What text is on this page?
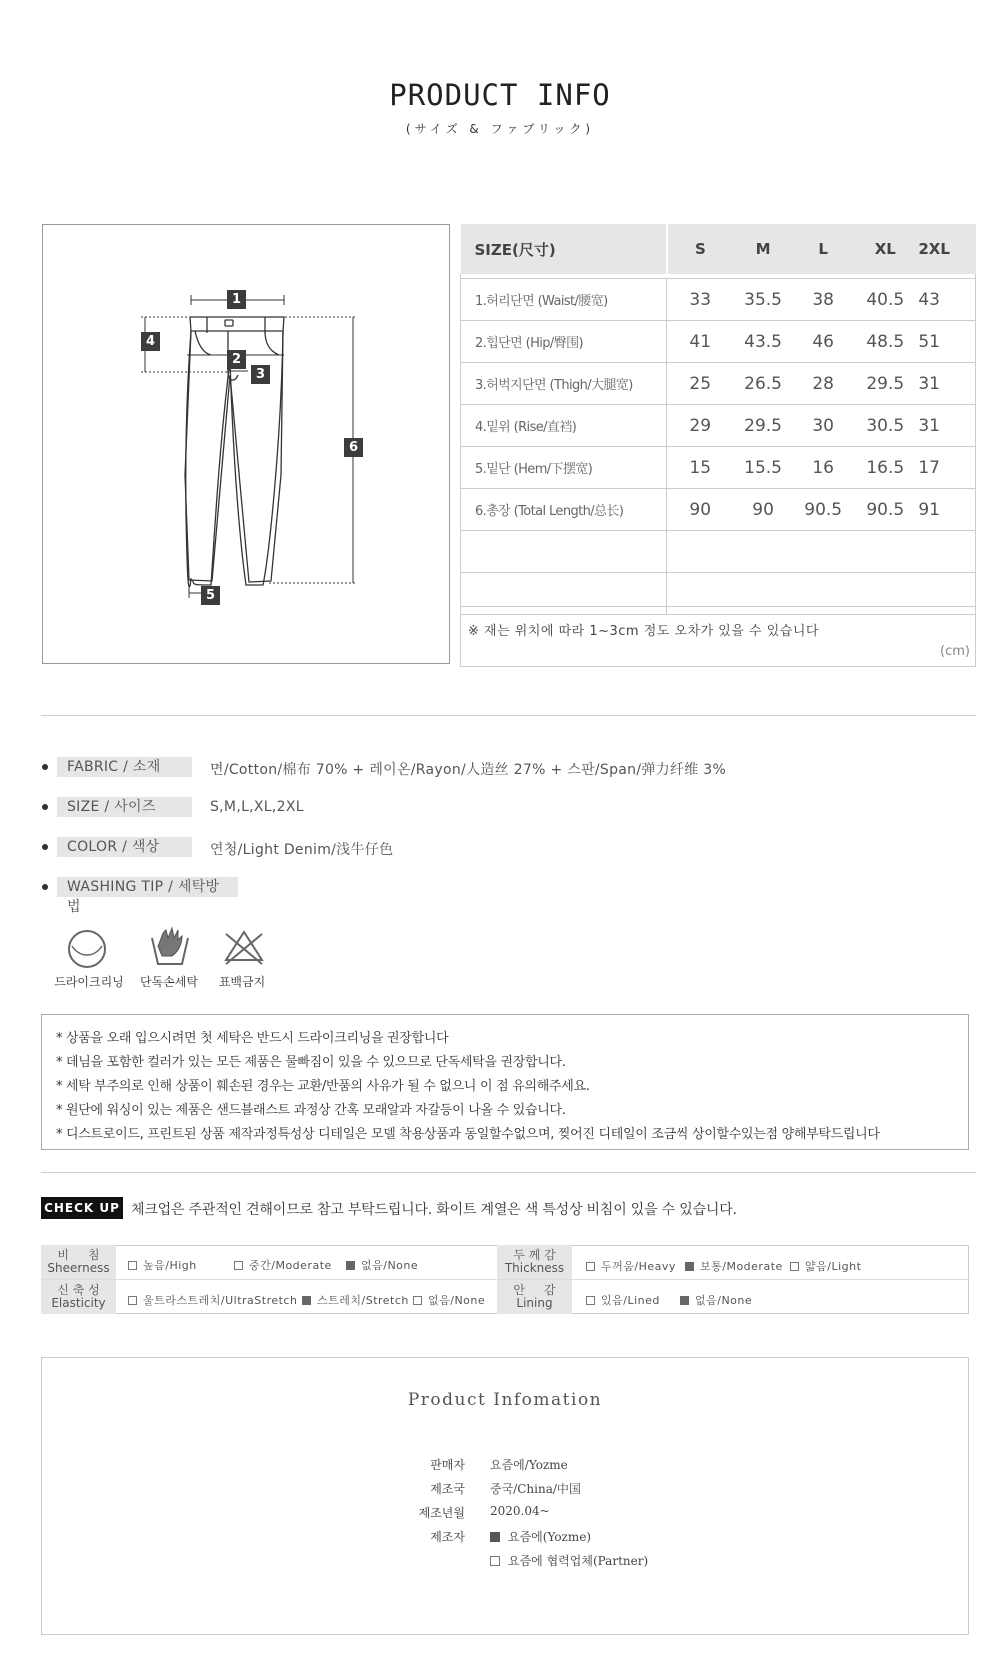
PRODUCT INFO
(サイズ & ファブリック)
1
2
3
4
5
6
SIZE(尺寸)	S	M	L	XL	2XL

1.허리단면 (Waist/腰宽)	33	35.5	38	40.5	43
2.힙단면 (Hip/臀围)	41	43.5	46	48.5	51
3.허벅지단면 (Thigh/大腿宽)	25	26.5	28	29.5	31
4.밑위 (Rise/直裆)	29	29.5	30	30.5	31
5.밑단 (Hem/下摆宽)	15	15.5	16	16.5	17
6.총장 (Total Length/总长)	90	90	90.5	90.5	91

※ 재는 위치에 따라 1~3cm 정도 오차가 있을 수 있습니다
(cm)
FABRIC / 소재	면/Cotton/棉布 70% + 레이온/Rayon/人造丝 27% + 스판/Span/弹力纤维 3%
SIZE / 사이즈	S,M,L,XL,2XL
COLOR / 색상	연청/Light Denim/浅牛仔色
WASHING TIP / 세탁방법
드라이크리닝	단독손세탁	표백금지
* 상품을 오래 입으시려면 첫 세탁은 반드시 드라이크리닝을 권장합니다
* 데님을 포함한 컬러가 있는 모든 제품은 물빠짐이 있을 수 있으므로 단독세탁을 권장합니다.
* 세탁 부주의로 인해 상품이 훼손된 경우는 교환/반품의 사유가 될 수 없으니 이 점 유의해주세요.
* 원단에 워싱이 있는 제품은 샌드블래스트 과정상 간혹 모래알과 자갈등이 나올 수 있습니다.
* 디스트로이드, 프린트된 상품 제작과정특성상 디테일은 모델 착용상품과 동일할수없으며, 찢어진 디테일이 조금씩 상이할수있는점 양해부탁드립니다
CHECK UP 체크업은 주관적인 견해이므로 참고 부탁드립니다. 화이트 계열은 색 특성상 비침이 있을 수 있습니다.
비     침
Sheerness	높음/High	중간/Moderate	없음/None
두 께 감
Thickness	두꺼움/Heavy	보통/Moderate	얇음/Light
신 축 성
Elasticity	울트라스트레치/UltraStretch	스트레치/Stretch	없음/None
안     감
Lining	있음/Lined	없음/None
Product Infomation
판매자 요즘에/Yozme
제조국 중국/China/中国
제조년월 2020.04~
제조자	요즘에(Yozme)
요즘에 협력업체(Partner)
